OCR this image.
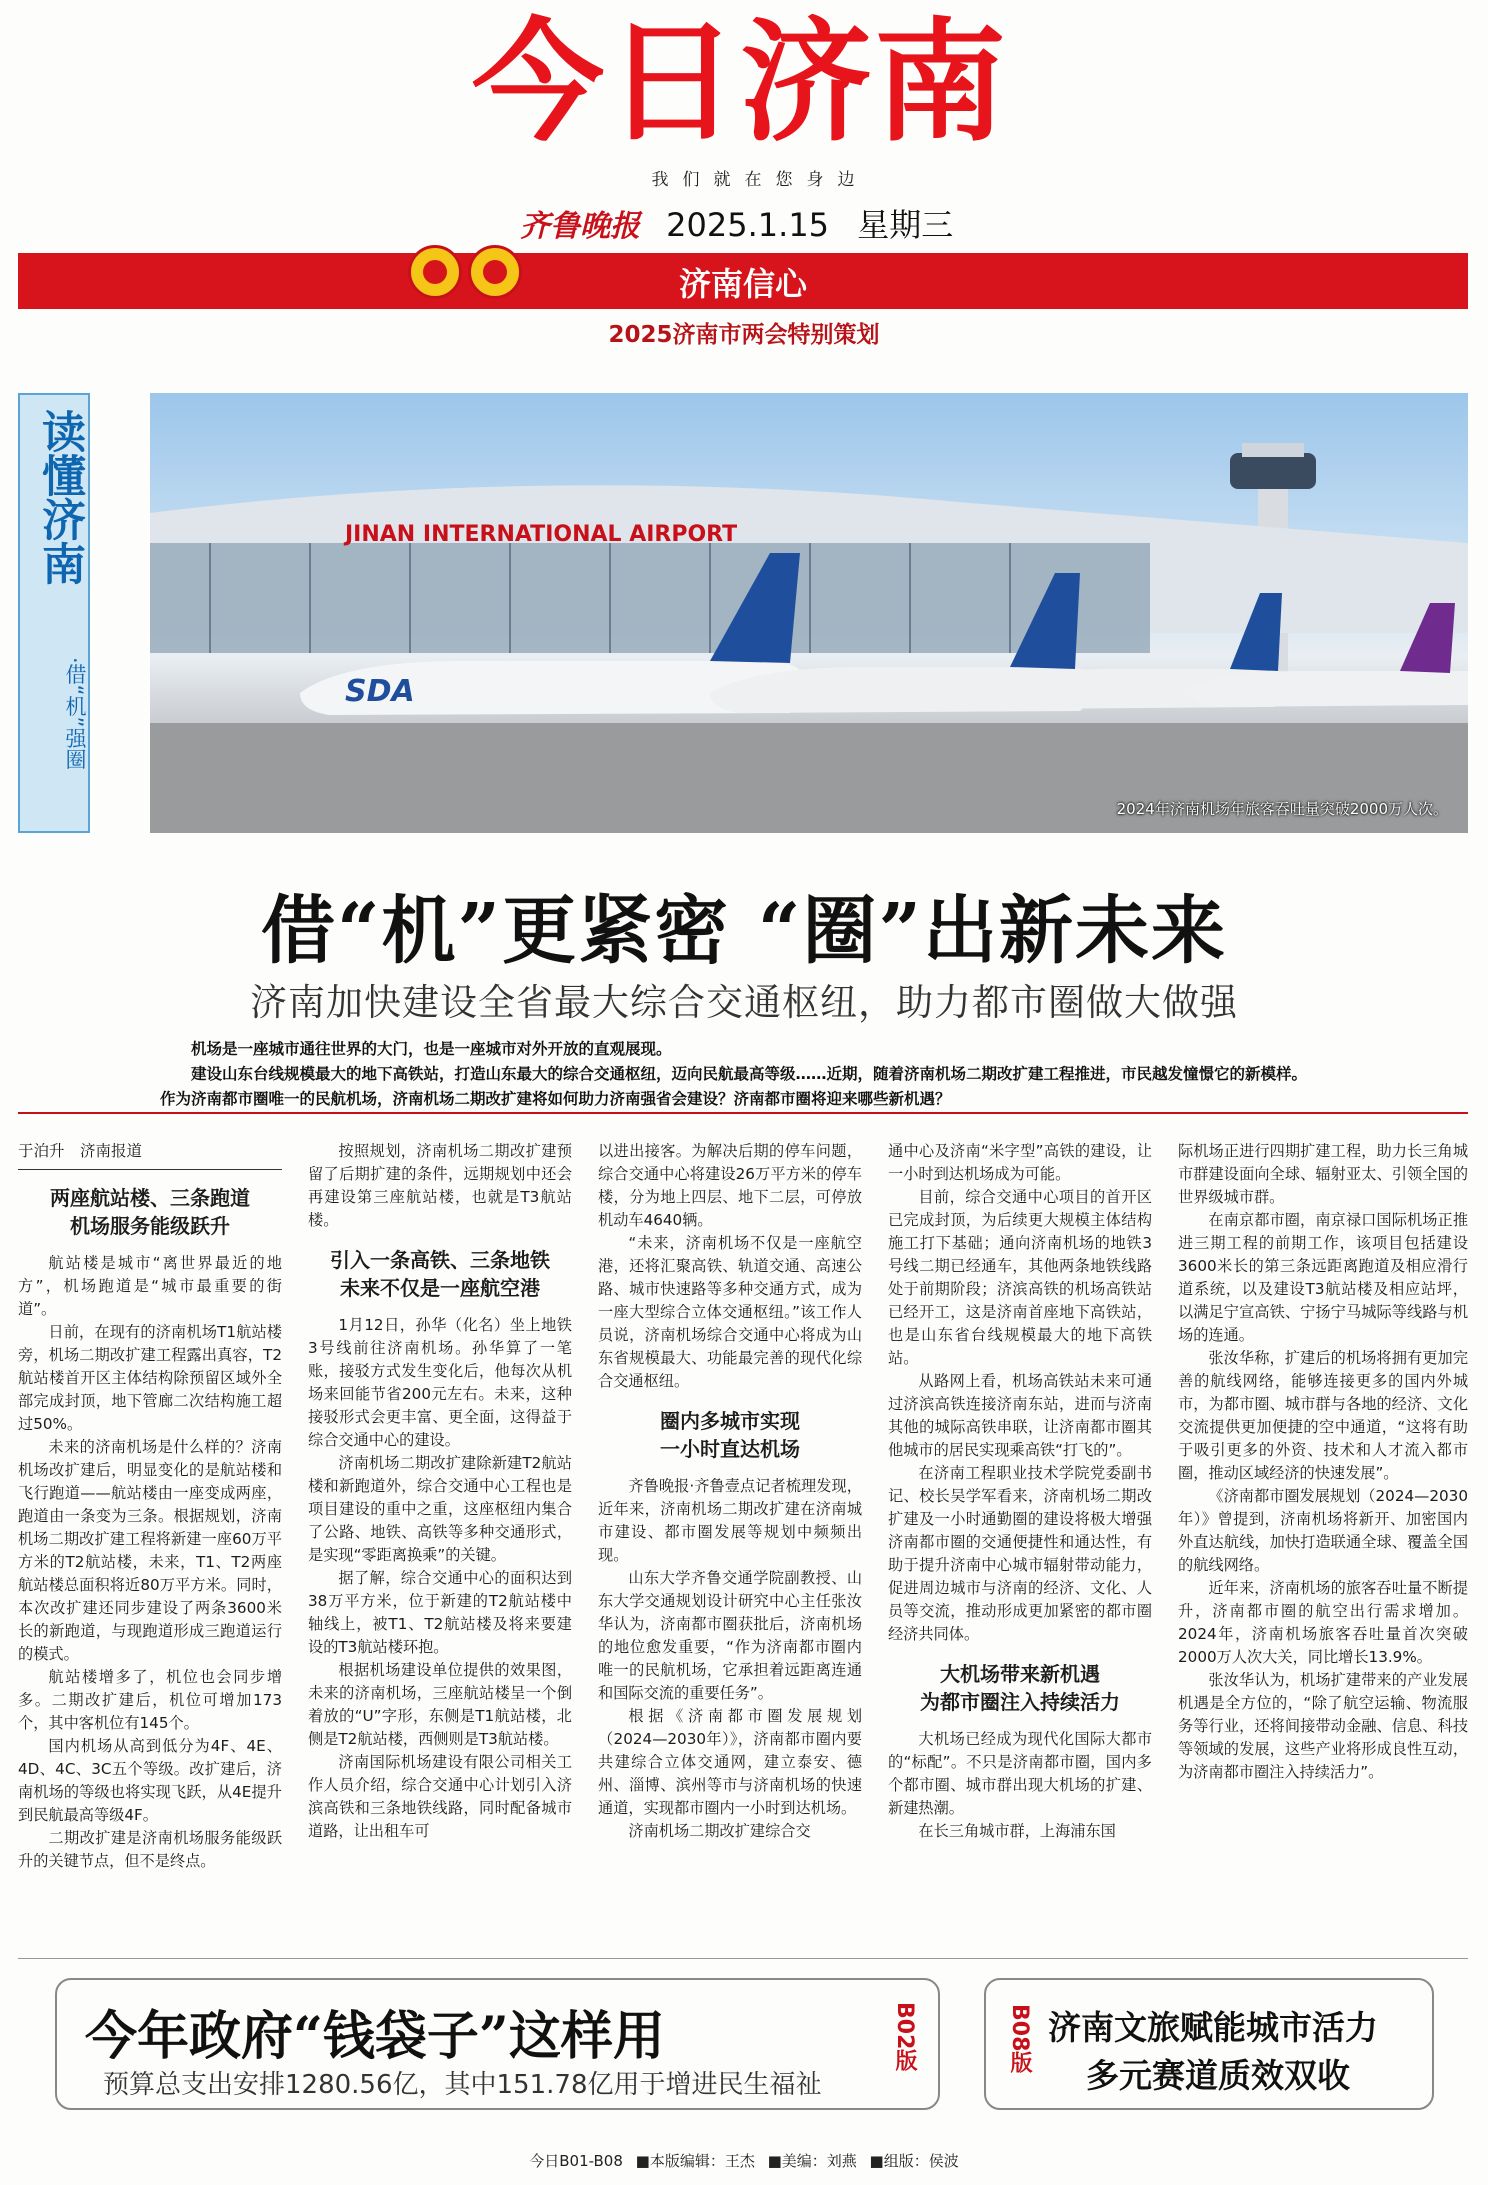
今日济南
我们就在您身边
齐鲁晚报 2025.1.15 星期三
济南信心
2025济南市两会特别策划
读懂济南
·借“机”强圈
JINAN INTERNATIONAL AIRPORT
SDA
2024年济南机场年旅客吞吐量突破2000万人次。
借“机”更紧密 “圈”出新未来
济南加快建设全省最大综合交通枢纽，助力都市圈做大做强

机场是一座城市通往世界的大门，也是一座城市对外开放的直观展现。

建设山东台线规模最大的地下高铁站，打造山东最大的综合交通枢纽，迈向民航最高等级……近期，随着济南机场二期改扩建工程推进，市民越发憧憬它的新模样。作为济南都市圈唯一的民航机场，济南机场二期改扩建将如何助力济南强省会建设？济南都市圈将迎来哪些新机遇？

于泊升　济南报道

两座航站楼、三条跑道
机场服务能级跃升

航站楼是城市“离世界最近的地方”，机场跑道是“城市最重要的街道”。

日前，在现有的济南机场T1航站楼旁，机场二期改扩建工程露出真容，T2航站楼首开区主体结构除预留区域外全部完成封顶，地下管廊二次结构施工超过50%。

未来的济南机场是什么样的？济南机场改扩建后，明显变化的是航站楼和飞行跑道——航站楼由一座变成两座，跑道由一条变为三条。根据规划，济南机场二期改扩建工程将新建一座60万平方米的T2航站楼，未来，T1、T2两座航站楼总面积将近80万平方米。同时，本次改扩建还同步建设了两条3600米长的新跑道，与现跑道形成三跑道运行的模式。

航站楼增多了，机位也会同步增多。二期改扩建后，机位可增加173个，其中客机位有145个。

国内机场从高到低分为4F、4E、4D、4C、3C五个等级。改扩建后，济南机场的等级也将实现飞跃，从4E提升到民航最高等级4F。

二期改扩建是济南机场服务能级跃升的关键节点，但不是终点。

按照规划，济南机场二期改扩建预留了后期扩建的条件，远期规划中还会再建设第三座航站楼，也就是T3航站楼。

引入一条高铁、三条地铁
未来不仅是一座航空港

1月12日，孙华（化名）坐上地铁3号线前往济南机场。孙华算了一笔账，接驳方式发生变化后，他每次从机场来回能节省200元左右。未来，这种接驳形式会更丰富、更全面，这得益于综合交通中心的建设。

济南机场二期改扩建除新建T2航站楼和新跑道外，综合交通中心工程也是项目建设的重中之重，这座枢纽内集合了公路、地铁、高铁等多种交通形式，是实现“零距离换乘”的关键。

据了解，综合交通中心的面积达到38万平方米，位于新建的T2航站楼中轴线上，被T1、T2航站楼及将来要建设的T3航站楼环抱。

根据机场建设单位提供的效果图，未来的济南机场，三座航站楼呈一个倒着放的“U”字形，东侧是T1航站楼，北侧是T2航站楼，西侧则是T3航站楼。

济南国际机场建设有限公司相关工作人员介绍，综合交通中心计划引入济滨高铁和三条地铁线路，同时配备城市道路，让出租车可

以进出接客。为解决后期的停车问题，综合交通中心将建设26万平方米的停车楼，分为地上四层、地下二层，可停放机动车4640辆。

“未来，济南机场不仅是一座航空港，还将汇聚高铁、轨道交通、高速公路、城市快速路等多种交通方式，成为一座大型综合立体交通枢纽。”该工作人员说，济南机场综合交通中心将成为山东省规模最大、功能最完善的现代化综合交通枢纽。

圈内多城市实现
一小时直达机场

齐鲁晚报·齐鲁壹点记者梳理发现，近年来，济南机场二期改扩建在济南城市建设、都市圈发展等规划中频频出现。

山东大学齐鲁交通学院副教授、山东大学交通规划设计研究中心主任张汝华认为，济南都市圈获批后，济南机场的地位愈发重要，“作为济南都市圈内唯一的民航机场，它承担着远距离连通和国际交流的重要任务”。

根据《济南都市圈发展规划（2024—2030年）》，济南都市圈内要共建综合立体交通网，建立泰安、德州、淄博、滨州等市与济南机场的快速通道，实现都市圈内一小时到达机场。

济南机场二期改扩建综合交

通中心及济南“米字型”高铁的建设，让一小时到达机场成为可能。

目前，综合交通中心项目的首开区已完成封顶，为后续更大规模主体结构施工打下基础；通向济南机场的地铁3号线二期已经通车，其他两条地铁线路处于前期阶段；济滨高铁的机场高铁站已经开工，这是济南首座地下高铁站，也是山东省台线规模最大的地下高铁站。

从路网上看，机场高铁站未来可通过济滨高铁连接济南东站，进而与济南其他的城际高铁串联，让济南都市圈其他城市的居民实现乘高铁“打飞的”。

在济南工程职业技术学院党委副书记、校长吴学军看来，济南机场二期改扩建及一小时通勤圈的建设将极大增强济南都市圈的交通便捷性和通达性，有助于提升济南中心城市辐射带动能力，促进周边城市与济南的经济、文化、人员等交流，推动形成更加紧密的都市圈经济共同体。

大机场带来新机遇
为都市圈注入持续活力

大机场已经成为现代化国际大都市的“标配”。不只是济南都市圈，国内多个都市圈、城市群出现大机场的扩建、新建热潮。

在长三角城市群，上海浦东国

际机场正进行四期扩建工程，助力长三角城市群建设面向全球、辐射亚太、引领全国的世界级城市群。

在南京都市圈，南京禄口国际机场正推进三期工程的前期工作，该项目包括建设3600米长的第三条远距离跑道及相应滑行道系统，以及建设T3航站楼及相应站坪，以满足宁宣高铁、宁扬宁马城际等线路与机场的连通。

张汝华称，扩建后的机场将拥有更加完善的航线网络，能够连接更多的国内外城市，为都市圈、城市群与各地的经济、文化交流提供更加便捷的空中通道，“这将有助于吸引更多的外资、技术和人才流入都市圈，推动区域经济的快速发展”。

《济南都市圈发展规划（2024—2030年）》曾提到，济南机场将新开、加密国内外直达航线，加快打造联通全球、覆盖全国的航线网络。

近年来，济南机场的旅客吞吐量不断提升，济南都市圈的航空出行需求增加。2024年，济南机场旅客吞吐量首次突破2000万人次大关，同比增长13.9%。

张汝华认为，机场扩建带来的产业发展机遇是全方位的，“除了航空运输、物流服务等行业，还将间接带动金融、信息、科技等领域的发展，这些产业将形成良性互动，为济南都市圈注入持续活力”。

今年政府“钱袋子”这样用
预算总支出安排1280.56亿，其中151.78亿用于增进民生福祉
B02版	B08版 济南文旅赋能城市活力
多元赛道质效双收
今日B01-B08 ■本版编辑：王杰 ■美编：刘燕 ■组版：侯波
